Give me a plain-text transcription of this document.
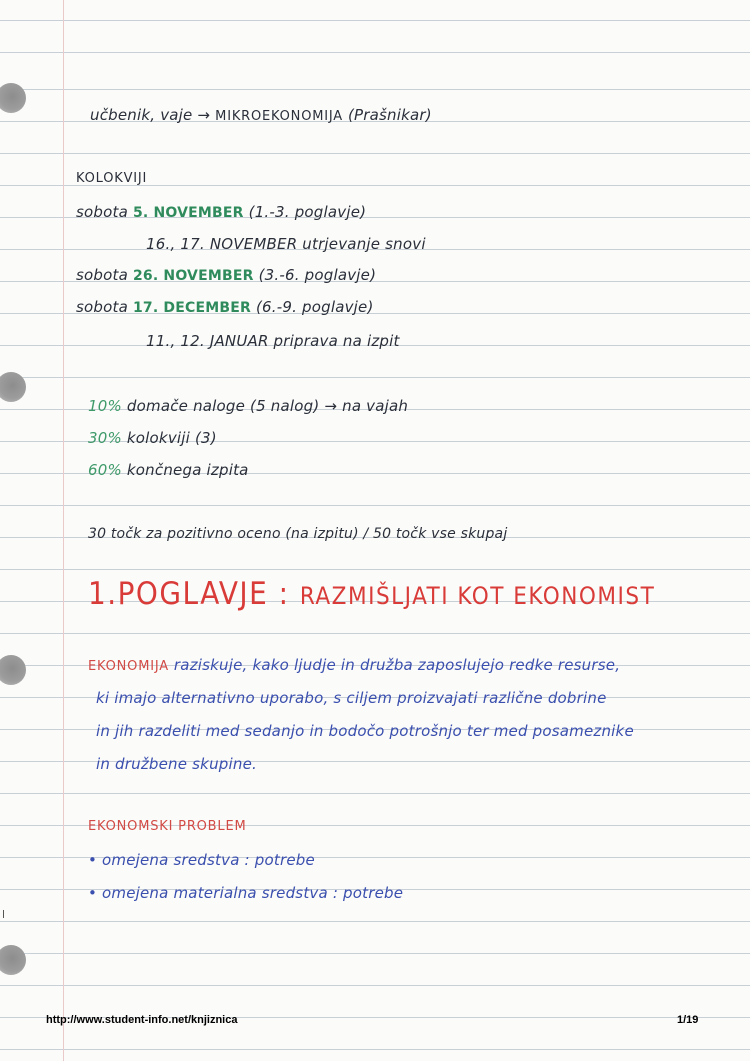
učbenik, vaje → MIKROEKONOMIJA (Prašnikar)
KOLOKVIJI
sobota 5. NOVEMBER (1.-3. poglavje)
16., 17. NOVEMBER utrjevanje snovi
sobota 26. NOVEMBER (3.-6. poglavje)
sobota 17. DECEMBER (6.-9. poglavje)
11., 12. JANUAR priprava na izpit
10% domače naloge (5 nalog) → na vajah
30% kolokviji (3)
60% končnega izpita
30 točk za pozitivno oceno (na izpitu) / 50 točk vse skupaj
1.POGLAVJE : RAZMIŠLJATI KOT EKONOMIST
EKONOMIJA raziskuje, kako ljudje in družba zaposlujejo redke resurse,
ki imajo alternativno uporabo, s ciljem proizvajati različne dobrine
in jih razdeliti med sedanjo in bodočo potrošnjo ter med posameznike
in družbene skupine.
EKONOMSKI PROBLEM
• omejena sredstva : potrebe
• omejena materialna sredstva : potrebe
http://www.student-info.net/knjiznica	1/19
